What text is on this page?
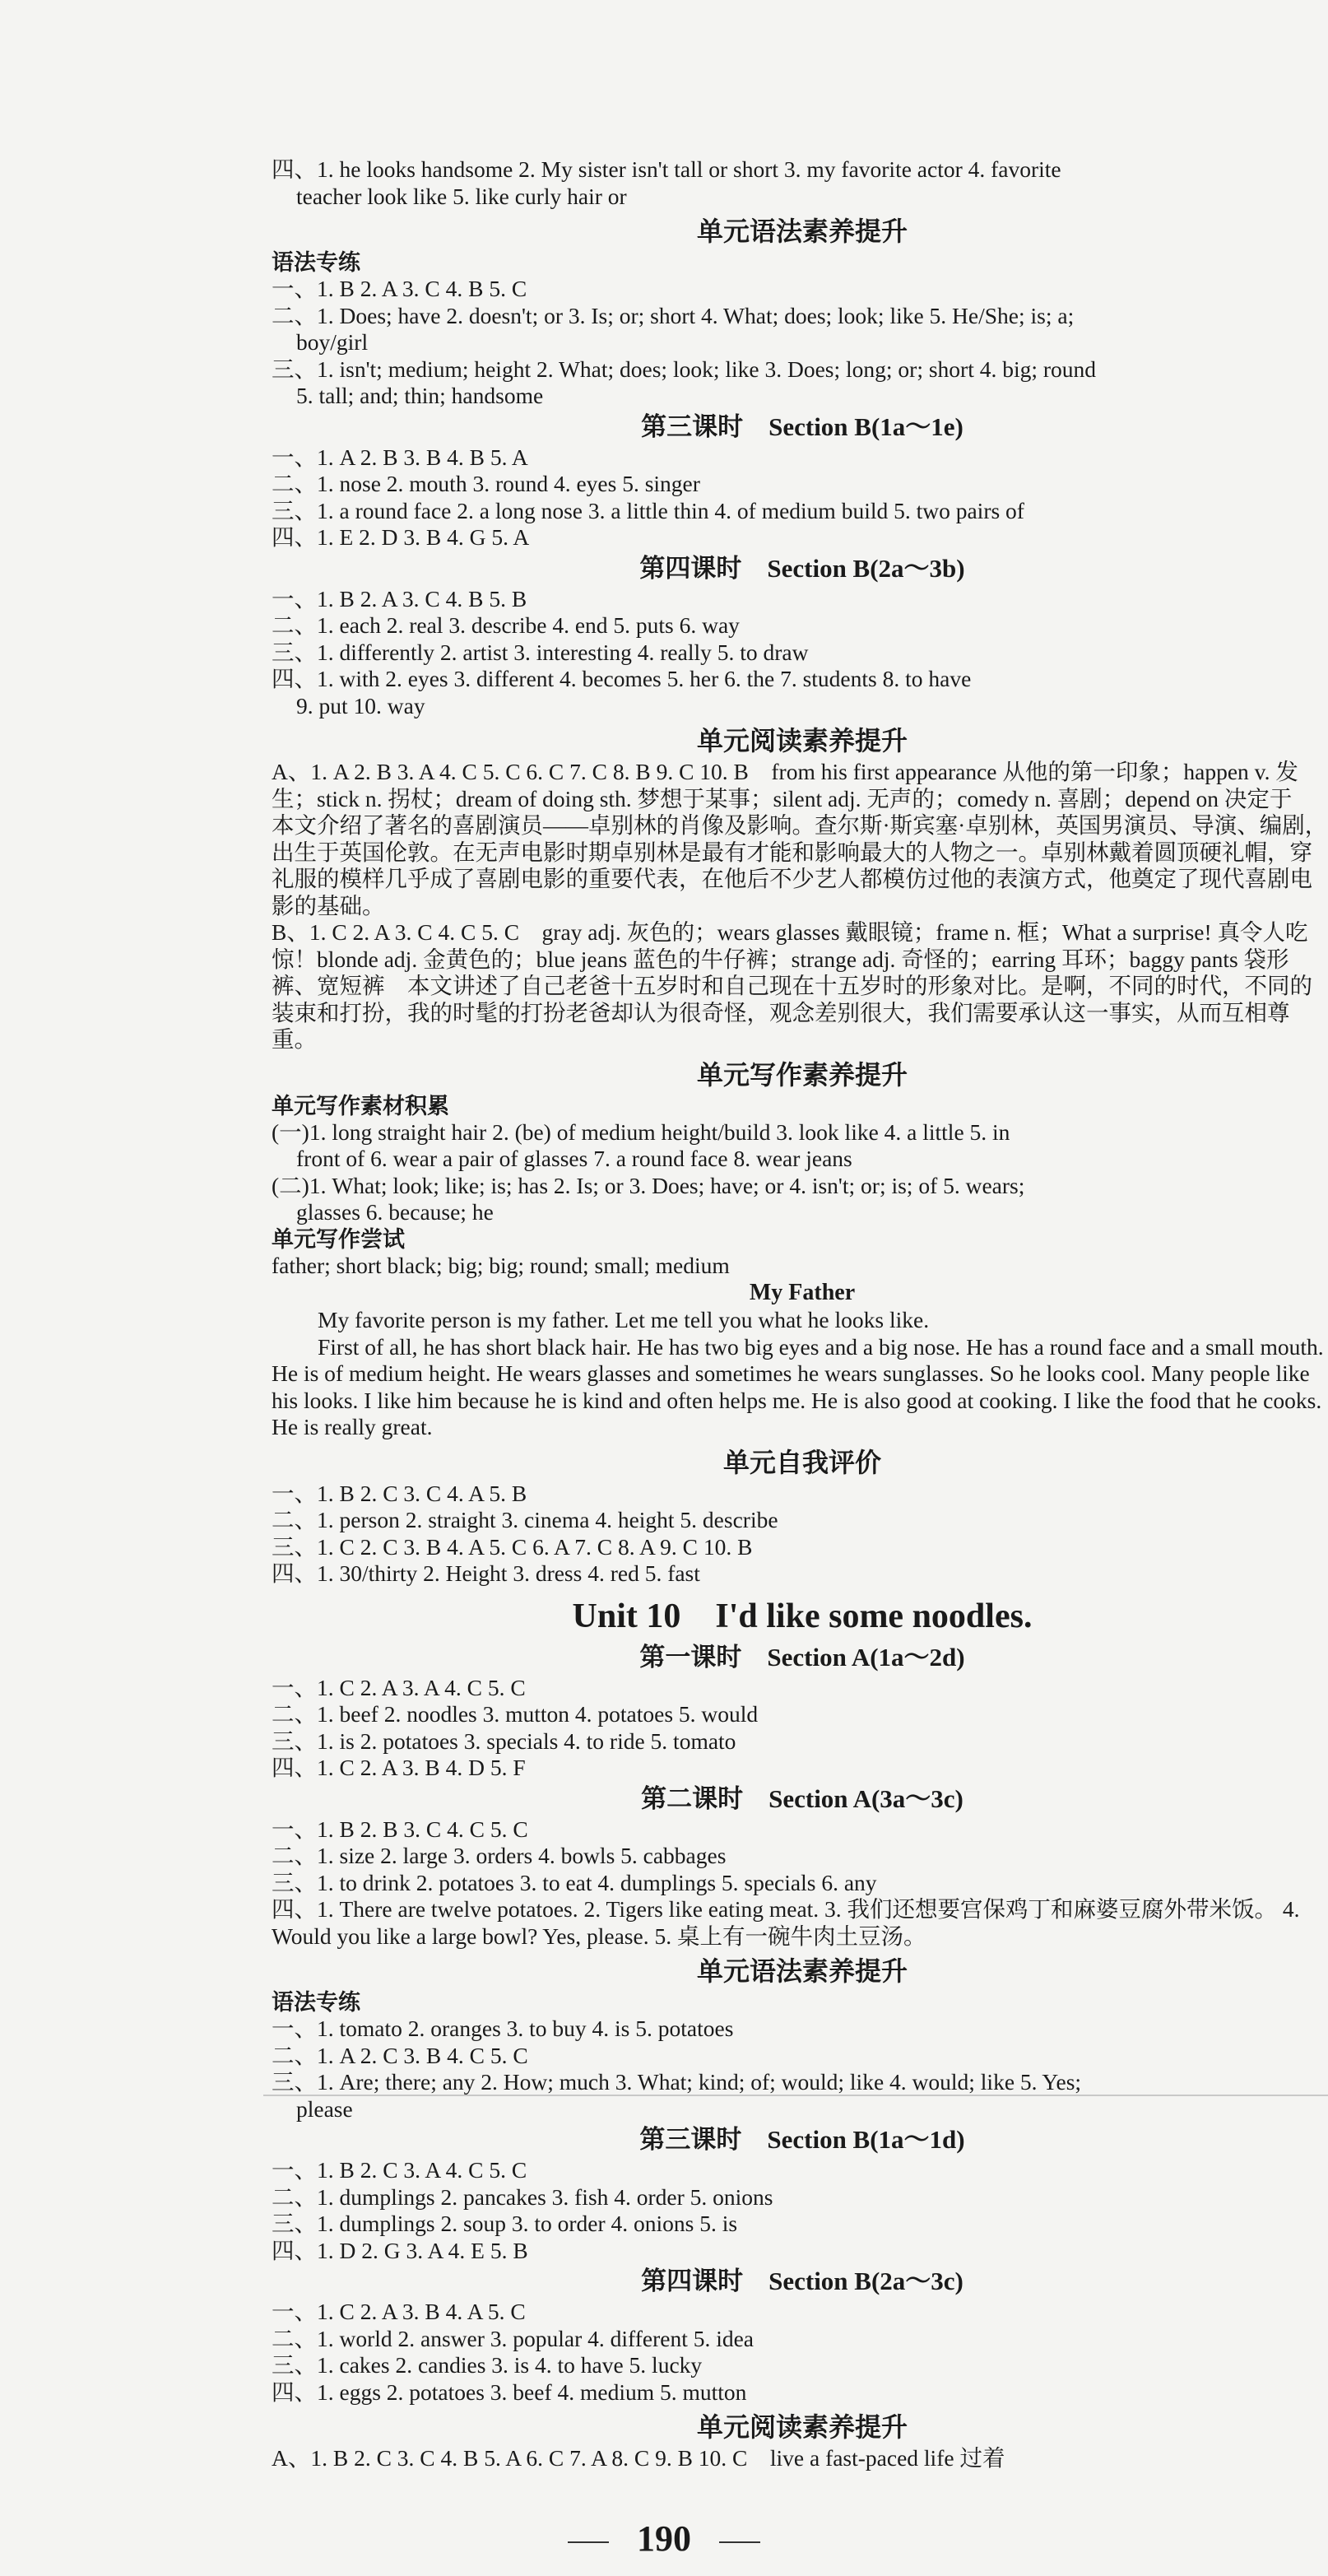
四、1. he looks handsome 2. My sister isn't tall or short 3. my favorite actor 4. favorite
teacher look like 5. like curly hair or
单元语法素养提升
语法专练
一、1. B 2. A 3. C 4. B 5. C
二、1. Does; have 2. doesn't; or 3. Is; or; short 4. What; does; look; like 5. He/She; is; a;
boy/girl
三、1. isn't; medium; height 2. What; does; look; like 3. Does; long; or; short 4. big; round
5. tall; and; thin; handsome
第三课时　Section B(1a～1e)
一、1. A 2. B 3. B 4. B 5. A
二、1. nose 2. mouth 3. round 4. eyes 5. singer
三、1. a round face 2. a long nose 3. a little thin 4. of medium build 5. two pairs of
四、1. E 2. D 3. B 4. G 5. A
第四课时　Section B(2a～3b)
一、1. B 2. A 3. C 4. B 5. B
二、1. each 2. real 3. describe 4. end 5. puts 6. way
三、1. differently 2. artist 3. interesting 4. really 5. to draw
四、1. with 2. eyes 3. different 4. becomes 5. her 6. the 7. students 8. to have
9. put 10. way
单元阅读素养提升
A、1. A 2. B 3. A 4. C 5. C 6. C 7. C 8. B 9. C 10. B　from his first appearance 从他的第一印象；happen v. 发生；stick n. 拐杖；dream of doing sth. 梦想于某事；silent adj. 无声的；comedy n. 喜剧；depend on 决定于　本文介绍了著名的喜剧演员——卓别林的肖像及影响。查尔斯·斯宾塞·卓别林，英国男演员、导演、编剧，出生于英国伦敦。在无声电影时期卓别林是最有才能和影响最大的人物之一。卓别林戴着圆顶硬礼帽，穿礼服的模样几乎成了喜剧电影的重要代表，在他后不少艺人都模仿过他的表演方式，他奠定了现代喜剧电影的基础。
B、1. C 2. A 3. C 4. C 5. C　gray adj. 灰色的；wears glasses 戴眼镜；frame n. 框；What a surprise! 真令人吃惊！blonde adj. 金黄色的；blue jeans 蓝色的牛仔裤；strange adj. 奇怪的；earring 耳环；baggy pants 袋形裤、宽短裤　本文讲述了自己老爸十五岁时和自己现在十五岁时的形象对比。是啊，不同的时代，不同的装束和打扮，我的时髦的打扮老爸却认为很奇怪，观念差别很大，我们需要承认这一事实，从而互相尊重。
单元写作素养提升
单元写作素材积累
(一)1. long straight hair 2. (be) of medium height/build 3. look like 4. a little 5. in
front of 6. wear a pair of glasses 7. a round face 8. wear jeans
(二)1. What; look; like; is; has 2. Is; or 3. Does; have; or 4. isn't; or; is; of 5. wears;
glasses 6. because; he
单元写作尝试
father; short black; big; big; round; small; medium
My Father

My favorite person is my father. Let me tell you what he looks like.

First of all, he has short black hair. He has two big eyes and a big nose. He has a round face and a small mouth. He is of medium height. He wears glasses and sometimes he wears sunglasses. So he looks cool. Many people like his looks. I like him because he is kind and often helps me. He is also good at cooking. I like the food that he cooks. He is really great.

单元自我评价
一、1. B 2. C 3. C 4. A 5. B
二、1. person 2. straight 3. cinema 4. height 5. describe
三、1. C 2. C 3. B 4. A 5. C 6. A 7. C 8. A 9. C 10. B
四、1. 30/thirty 2. Height 3. dress 4. red 5. fast
Unit 10　I'd like some noodles.
第一课时　Section A(1a～2d)
一、1. C 2. A 3. A 4. C 5. C
二、1. beef 2. noodles 3. mutton 4. potatoes 5. would
三、1. is 2. potatoes 3. specials 4. to ride 5. tomato
四、1. C 2. A 3. B 4. D 5. F
第二课时　Section A(3a～3c)
一、1. B 2. B 3. C 4. C 5. C
二、1. size 2. large 3. orders 4. bowls 5. cabbages
三、1. to drink 2. potatoes 3. to eat 4. dumplings 5. specials 6. any
四、1. There are twelve potatoes. 2. Tigers like eating meat. 3. 我们还想要宫保鸡丁和麻婆豆腐外带米饭。 4. Would you like a large bowl? Yes, please. 5. 桌上有一碗牛肉土豆汤。
单元语法素养提升
语法专练
一、1. tomato 2. oranges 3. to buy 4. is 5. potatoes
二、1. A 2. C 3. B 4. C 5. C
三、1. Are; there; any 2. How; much 3. What; kind; of; would; like 4. would; like 5. Yes;
please
第三课时　Section B(1a～1d)
一、1. B 2. C 3. A 4. C 5. C
二、1. dumplings 2. pancakes 3. fish 4. order 5. onions
三、1. dumplings 2. soup 3. to order 4. onions 5. is
四、1. D 2. G 3. A 4. E 5. B
第四课时　Section B(2a～3c)
一、1. C 2. A 3. B 4. A 5. C
二、1. world 2. answer 3. popular 4. different 5. idea
三、1. cakes 2. candies 3. is 4. to have 5. lucky
四、1. eggs 2. potatoes 3. beef 4. medium 5. mutton
单元阅读素养提升
A、1. B 2. C 3. C 4. B 5. A 6. C 7. A 8. C 9. B 10. C　live a fast-paced life 过着
190
